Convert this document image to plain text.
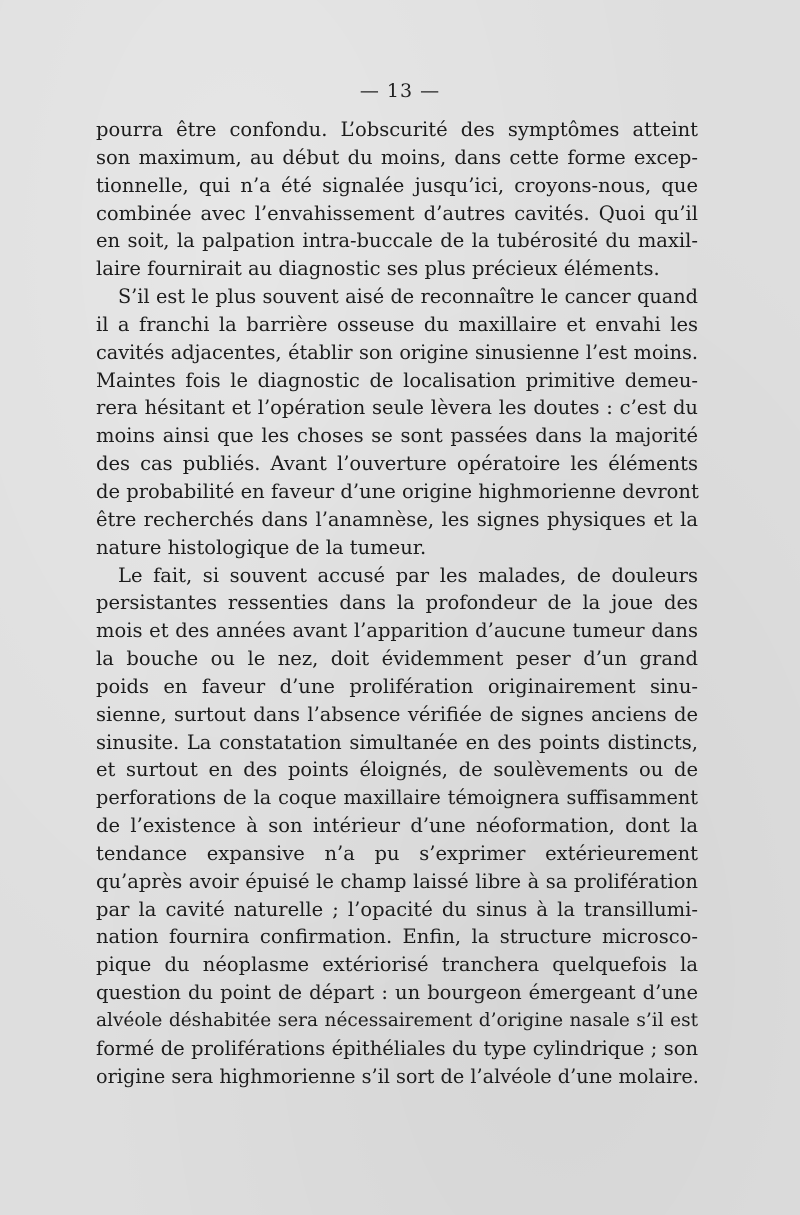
— 13 —
pourra être confondu. L’obscurité des symptômes atteint
son maximum, au début du moins, dans cette forme excep-
tionnelle, qui n’a été signalée jusqu’ici, croyons-nous, que
combinée avec l’envahissement d’autres cavités. Quoi qu’il
en soit, la palpation intra-buccale de la tubérosité du maxil-
laire fournirait au diagnostic ses plus précieux éléments.
S’il est le plus souvent aisé de reconnaître le cancer quand
il a franchi la barrière osseuse du maxillaire et envahi les
cavités adjacentes, établir son origine sinusienne l’est moins.
Maintes fois le diagnostic de localisation primitive demeu-
rera hésitant et l’opération seule lèvera les doutes : c’est du
moins ainsi que les choses se sont passées dans la majorité
des cas publiés. Avant l’ouverture opératoire les éléments
de probabilité en faveur d’une origine highmorienne devront
être recherchés dans l’anamnèse, les signes physiques et la
nature histologique de la tumeur.
Le fait, si souvent accusé par les malades, de douleurs
persistantes ressenties dans la profondeur de la joue des
mois et des années avant l’apparition d’aucune tumeur dans
la bouche ou le nez, doit évidemment peser d’un grand
poids en faveur d’une prolifération originairement sinu-
sienne, surtout dans l’absence vérifiée de signes anciens de
sinusite. La constatation simultanée en des points distincts,
et surtout en des points éloignés, de soulèvements ou de
perforations de la coque maxillaire témoignera suffisamment
de l’existence à son intérieur d’une néoformation, dont la
tendance expansive n’a pu s’exprimer extérieurement
qu’après avoir épuisé le champ laissé libre à sa prolifération
par la cavité naturelle ; l’opacité du sinus à la transillumi-
nation fournira confirmation. Enfin, la structure microsco-
pique du néoplasme extériorisé tranchera quelquefois la
question du point de départ : un bourgeon émergeant d’une
alvéole déshabitée sera nécessairement d’origine nasale s’il est
formé de proliférations épithéliales du type cylindrique ; son
origine sera highmorienne s’il sort de l’alvéole d’une molaire.
